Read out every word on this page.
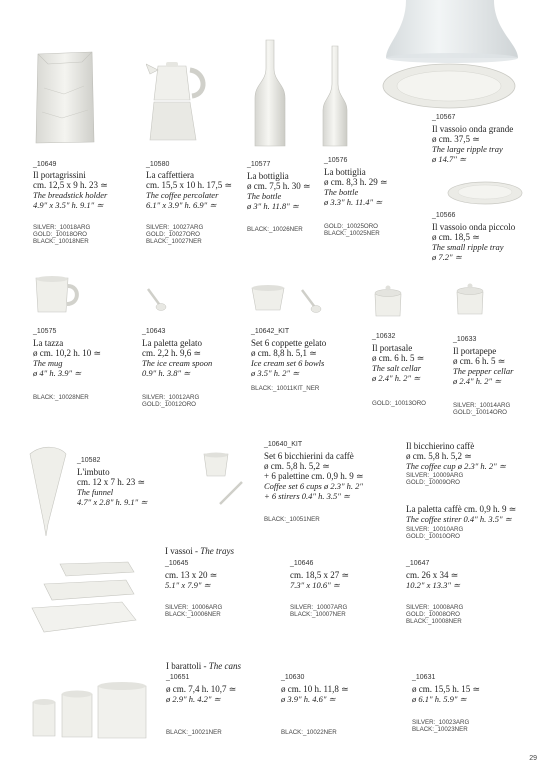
_10649
Il portagrissini
cm. 12,5 x 9 h. 23 ≃
The breadstick holder
4.9" x 3.5" h. 9.1" ≃
SILVER:_10018ARG
GOLD:_10018ORO
BLACK:_10018NER
_10580
La caffettiera
cm. 15,5 x 10 h. 17,5 ≃
The coffee percolater
6.1" x 3.9" h. 6.9" ≃
SILVER:_10027ARG
GOLD:_10027ORO
BLACK:_10027NER
_10577
La bottiglia
ø cm. 7,5 h. 30 ≃
The bottle
ø 3" h. 11.8" ≃
BLACK:_10026NER
_10576
La bottiglia
ø cm. 8,3 h. 29 ≃
The bottle
ø 3.3" h. 11.4" ≃
GOLD:_10025ORO
BLACK:_10025NER
_10567
Il vassoio onda grande
ø cm. 37,5 ≃
The large ripple tray
ø 14.7" ≃
_10566
Il vassoio onda piccolo
ø cm. 18,5 ≃
The small ripple tray
ø 7.2" ≃
_10575
La tazza
ø cm. 10,2 h. 10 ≃
The mug
ø 4" h. 3.9" ≃
BLACK:_10028NER
_10643
La paletta gelato
cm. 2,2 h. 9,6 ≃
The ice cream spoon
0.9" h. 3.8" ≃
SILVER:_10012ARG
GOLD:_10012ORO
_10642_KIT
Set 6 coppette gelato
ø cm. 8,8 h. 5,1 ≃
Ice cream set 6 bowls
ø 3.5" h. 2" ≃
BLACK:_10011KIT_NER
_10632
Il portasale
ø cm. 6 h. 5 ≃
The salt cellar
ø 2.4" h. 2" ≃
GOLD:_10013ORO
_10633
Il portapepe
ø cm. 6 h. 5 ≃
The pepper cellar
ø 2.4" h. 2" ≃
SILVER:_10014ARG
GOLD:_10014ORO
_10582
L'imbuto
cm. 12 x 7 h. 23 ≃
The funnel
4.7" x 2.8" h. 9.1" ≃
_10640_KIT
Set 6 bicchierini da caffè
ø cm. 5,8 h. 5,2 ≃
+ 6 palettine cm. 0,9 h. 9 ≃
Coffee set 6 cups ø 2.3" h. 2"
+ 6 stirers 0.4" h. 3.5" ≃
BLACK:_10051NER
Il bicchierino caffè
ø cm. 5,8 h. 5,2 ≃
The coffee cup ø 2.3" h. 2" ≃
SILVER:_10009ARG
GOLD:_10009ORO
La paletta caffè cm. 0,9 h. 9 ≃
The coffee stirer 0.4" h. 3.5" ≃
SILVER:_10010ARG
GOLD:_10010ORO
I vassoi - The trays
_10645
cm. 13 x 20 ≃
5.1" x 7.9" ≃
SILVER:_10006ARG
BLACK:_10006NER
_10646
cm. 18,5 x 27 ≃
7.3" x 10.6" ≃
SILVER:_10007ARG
BLACK:_10007NER
_10647
cm. 26 x 34 ≃
10.2" x 13.3" ≃
SILVER:_10008ARG
GOLD:_10008ORO
BLACK:_10008NER
I barattoli - The cans
_10651
ø cm. 7,4 h. 10,7 ≃
ø 2.9" h. 4.2" ≃
BLACK:_10021NER
_10630
ø cm. 10 h. 11,8 ≃
ø 3.9" h. 4.6" ≃
BLACK:_10022NER
_10631
ø cm. 15,5 h. 15 ≃
ø 6.1" h. 5.9" ≃
SILVER:_10023ARG
BLACK:_10023NER
29
